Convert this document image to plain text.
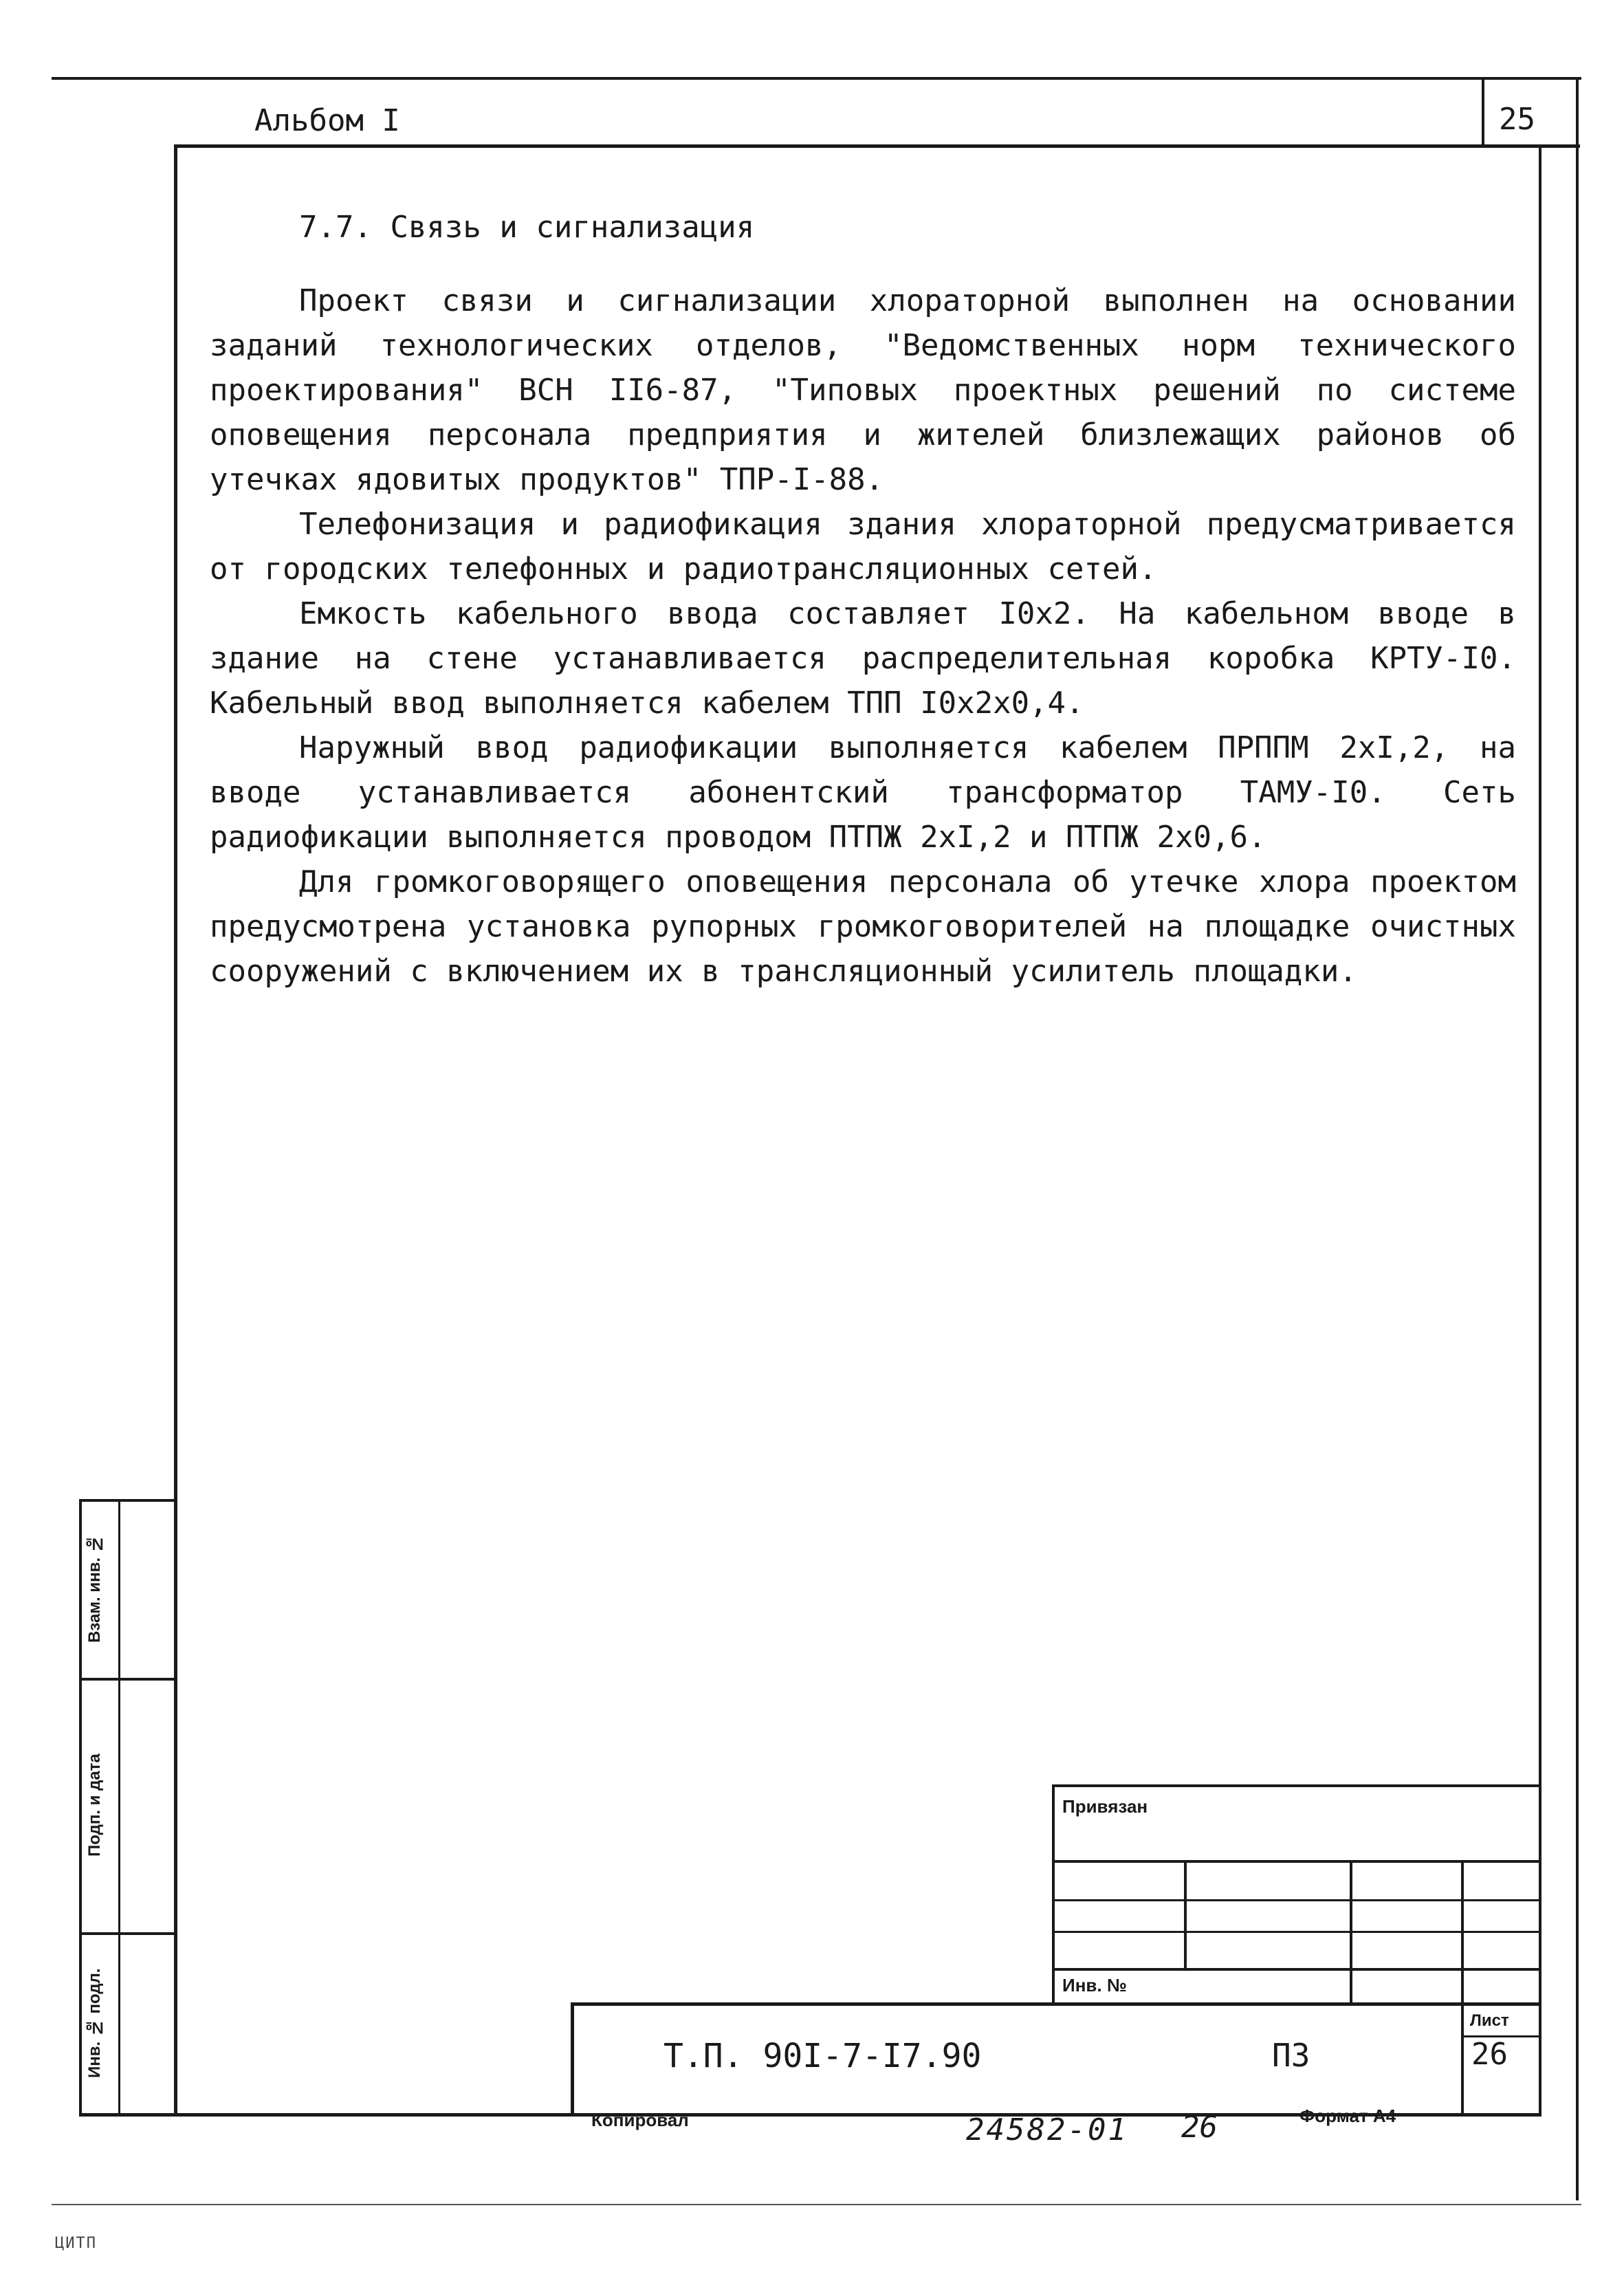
Альбом I	25
7.7. Связь и сигнализация

Проект связи и сигнализации хлораторной выполнен на основании заданий технологических отделов, "Ведомственных норм технического проектирования" ВСН II6-87, "Типовых проектных решений по системе оповещения персонала предприятия и жителей близлежащих районов об утечках ядовитых продуктов" ТПР-I-88.

Телефонизация и радиофикация здания хлораторной предусматривается от городских телефонных и радиотрансляционных сетей.

Емкость кабельного ввода составляет I0x2. На кабельном вводе в здание на стене устанавливается распределительная коробка КРТУ-I0. Кабельный ввод выполняется кабелем ТПП I0x2x0,4.

Наружный ввод радиофикации выполняется кабелем ПРППМ 2xI,2, на вводе устанавливается абонентский трансформатор ТАМУ-I0. Сеть радиофикации выполняется проводом ПТПЖ 2xI,2 и ПТПЖ 2x0,6.

Для громкоговорящего оповещения персонала об утечке хлора проектом предусмотрена установка рупорных громкоговорителей на площадке очистных сооружений с включением их в трансляционный усилитель площадки.

Взам. инв. №
Подп. и дата
Инв. № подл.
Привязан
Инв. №
Т.П. 90I-7-I7.90	ПЗ
Лист
26
Копировал	24582-01 26	Формат А4
ЦИТП
